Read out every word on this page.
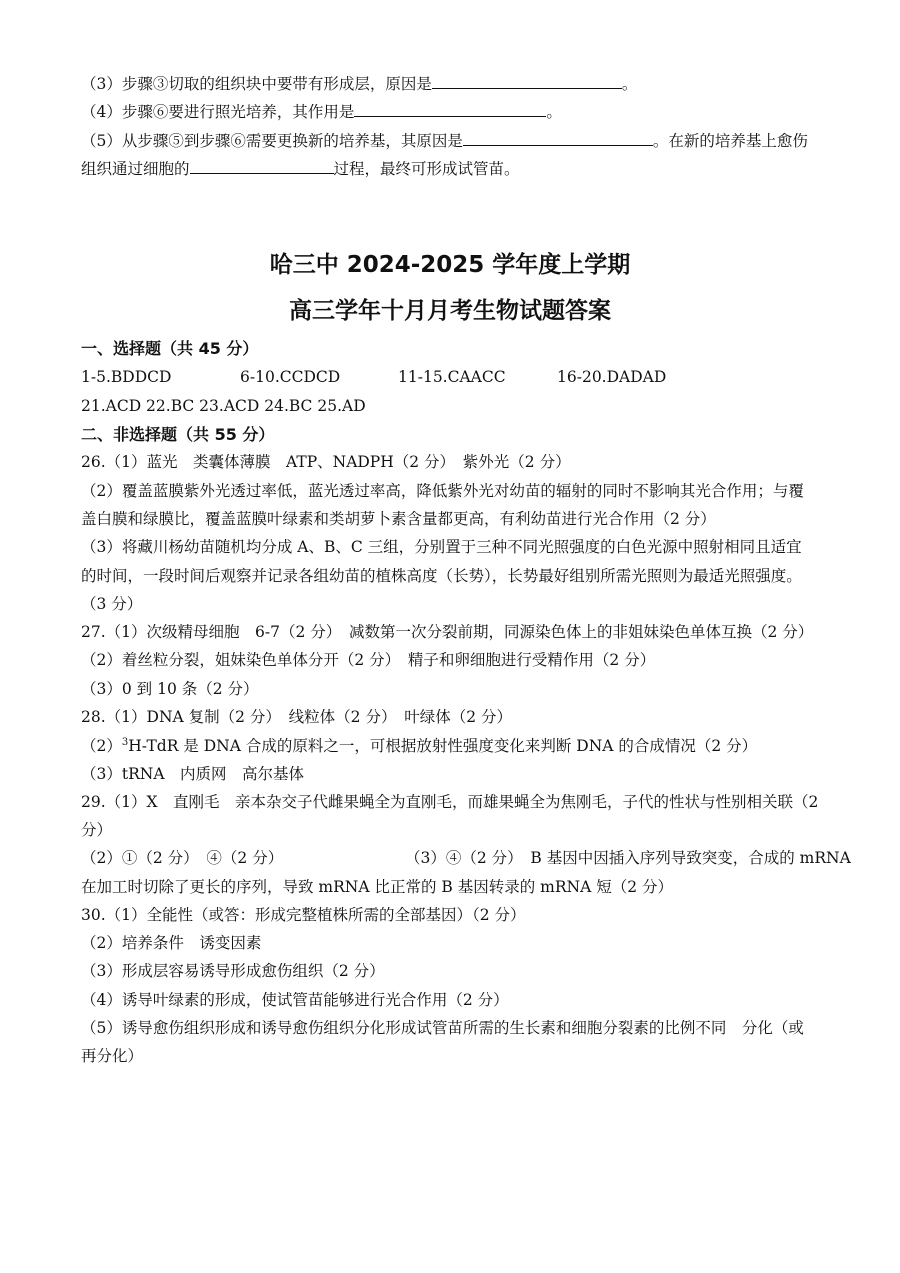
（3）步骤③切取的组织块中要带有形成层，原因是	。
（4）步骤⑥要进行照光培养，其作用是	。
（5）从步骤⑤到步骤⑥需要更换新的培养基，其原因是	。在新的培养基上愈伤
组织通过细胞的	过程，最终可形成试管苗。
哈三中 2024-2025 学年度上学期
高三学年十月月考生物试题答案
一、选择题（共 45 分）
1-5.BDDCD	6-10.CCDCD	11-15.CAACC	16-20.DADAD
21.ACD 22.BC 23.ACD 24.BC 25.AD
二、非选择题（共 55 分）
26.（1）蓝光　类囊体薄膜　ATP、NADPH（2 分）　紫外光（2 分）
（2）覆盖蓝膜紫外光透过率低，蓝光透过率高，降低紫外光对幼苗的辐射的同时不影响其光合作用；与覆
盖白膜和绿膜比，覆盖蓝膜叶绿素和类胡萝卜素含量都更高，有利幼苗进行光合作用（2 分）
（3）将藏川杨幼苗随机均分成 A、B、C 三组，分别置于三种不同光照强度的白色光源中照射相同且适宜
的时间，一段时间后观察并记录各组幼苗的植株高度（长势），长势最好组别所需光照则为最适光照强度。
（3 分）
27.（1）次级精母细胞　6-7（2 分）　减数第一次分裂前期，同源染色体上的非姐妹染色单体互换（2 分）
（2）着丝粒分裂，姐妹染色单体分开（2 分）　精子和卵细胞进行受精作用（2 分）
（3）0 到 10 条（2 分）
28.（1）DNA 复制（2 分）　线粒体（2 分）　叶绿体（2 分）
$(2)^3H$-TdR 是 DNA 合成的原料之一，可根据放射性强度变化来判断 DNA 的合成情况（2 分）
（3）tRNA　内质网　高尔基体
29.（1）X　直刚毛　亲本杂交子代雌果蝇全为直刚毛，而雄果蝇全为焦刚毛，子代的性状与性别相关联（2
分）
（2）①（2 分）　④（2 分）	（3）④（2 分）　B 基因中因插入序列导致突变，合成的 mRNA
在加工时切除了更长的序列，导致 mRNA 比正常的 B 基因转录的 mRNA 短（2 分）
30.（1）全能性（或答：形成完整植株所需的全部基因）（2 分）
（2）培养条件　诱变因素
（3）形成层容易诱导形成愈伤组织（2 分）
（4）诱导叶绿素的形成，使试管苗能够进行光合作用（2 分）
（5）诱导愈伤组织形成和诱导愈伤组织分化形成试管苗所需的生长素和细胞分裂素的比例不同　分化（或
再分化）
